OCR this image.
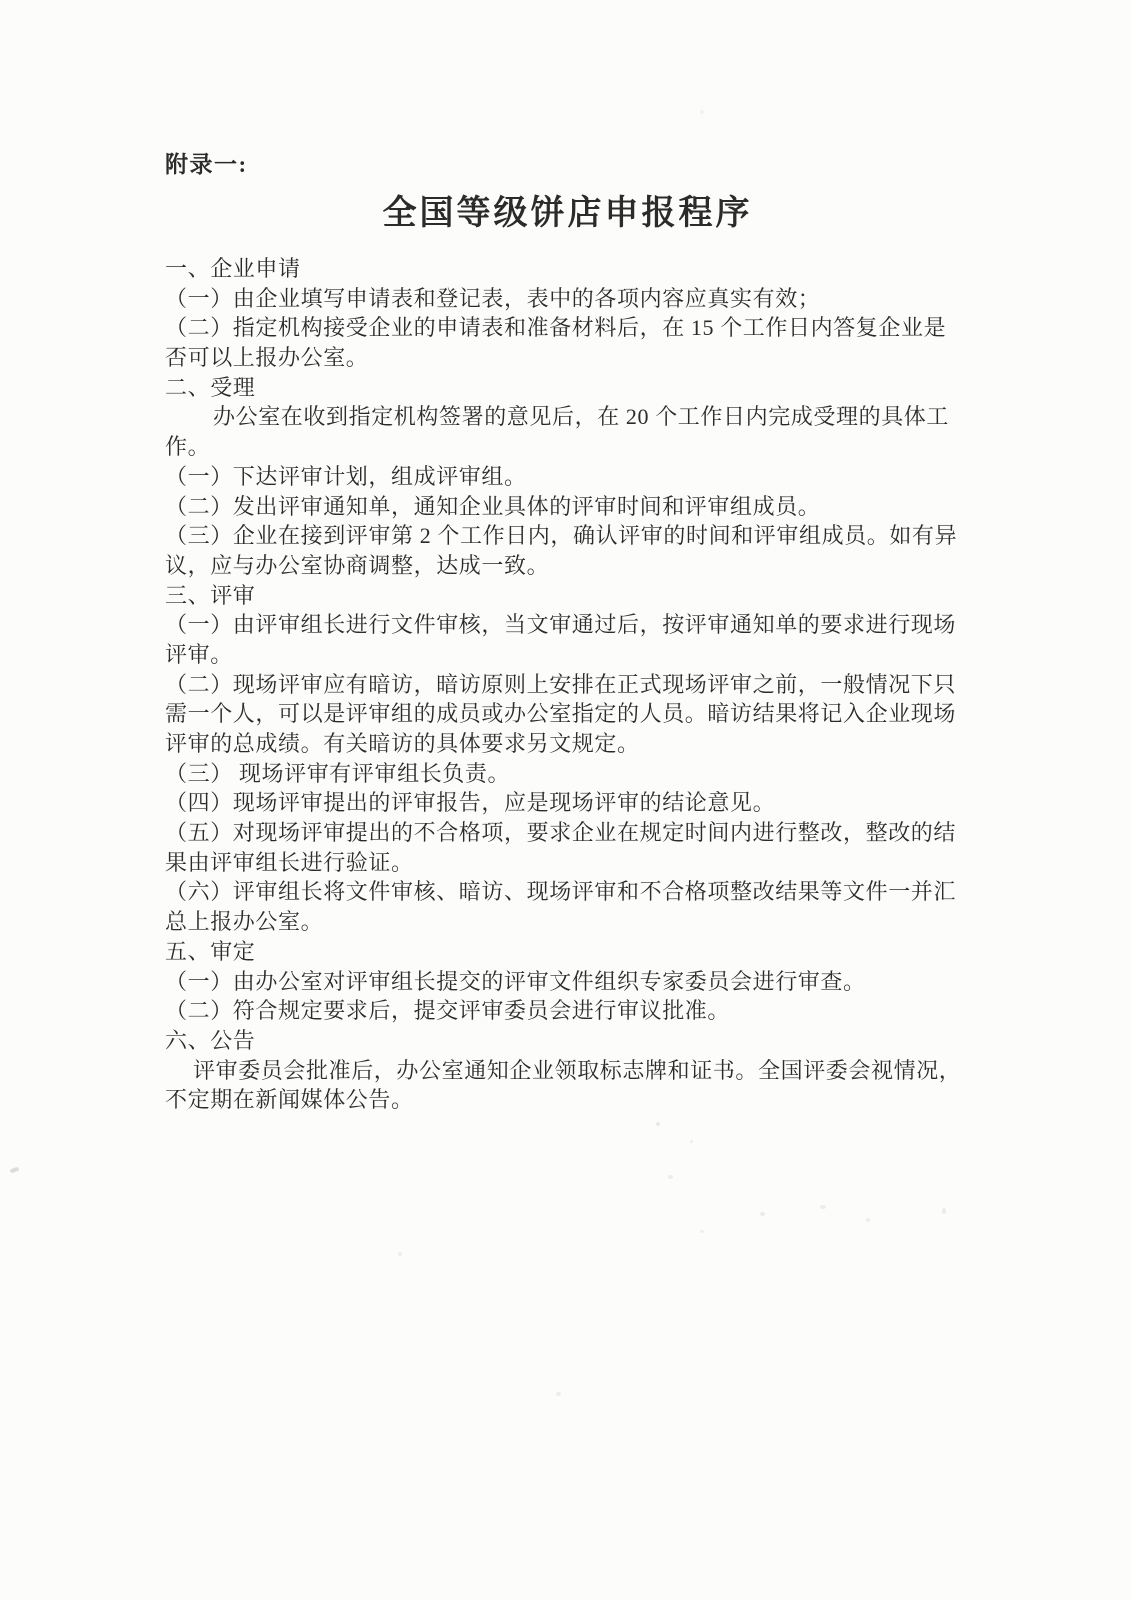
附录一:
全国等级饼店申报程序
一、企业申请
（一）由企业填写申请表和登记表，表中的各项内容应真实有效；
（二）指定机构接受企业的申请表和准备材料后，在 15 个工作日内答复企业是
否可以上报办公室。
二、受理
办公室在收到指定机构签署的意见后，在 20 个工作日内完成受理的具体工
作。
（一）下达评审计划，组成评审组。
（二）发出评审通知单，通知企业具体的评审时间和评审组成员。
（三）企业在接到评审第 2 个工作日内，确认评审的时间和评审组成员。如有异
议，应与办公室协商调整，达成一致。
三、评审
（一）由评审组长进行文件审核，当文审通过后，按评审通知单的要求进行现场
评审。
（二）现场评审应有暗访，暗访原则上安排在正式现场评审之前，一般情况下只
需一个人，可以是评审组的成员或办公室指定的人员。暗访结果将记入企业现场
评审的总成绩。有关暗访的具体要求另文规定。
（三） 现场评审有评审组长负责。
（四）现场评审提出的评审报告，应是现场评审的结论意见。
（五）对现场评审提出的不合格项，要求企业在规定时间内进行整改，整改的结
果由评审组长进行验证。
（六）评审组长将文件审核、暗访、现场评审和不合格项整改结果等文件一并汇
总上报办公室。
五、审定
（一）由办公室对评审组长提交的评审文件组织专家委员会进行审查。
（二）符合规定要求后，提交评审委员会进行审议批准。
六、公告
评审委员会批准后，办公室通知企业领取标志牌和证书。全国评委会视情况，
不定期在新闻媒体公告。
